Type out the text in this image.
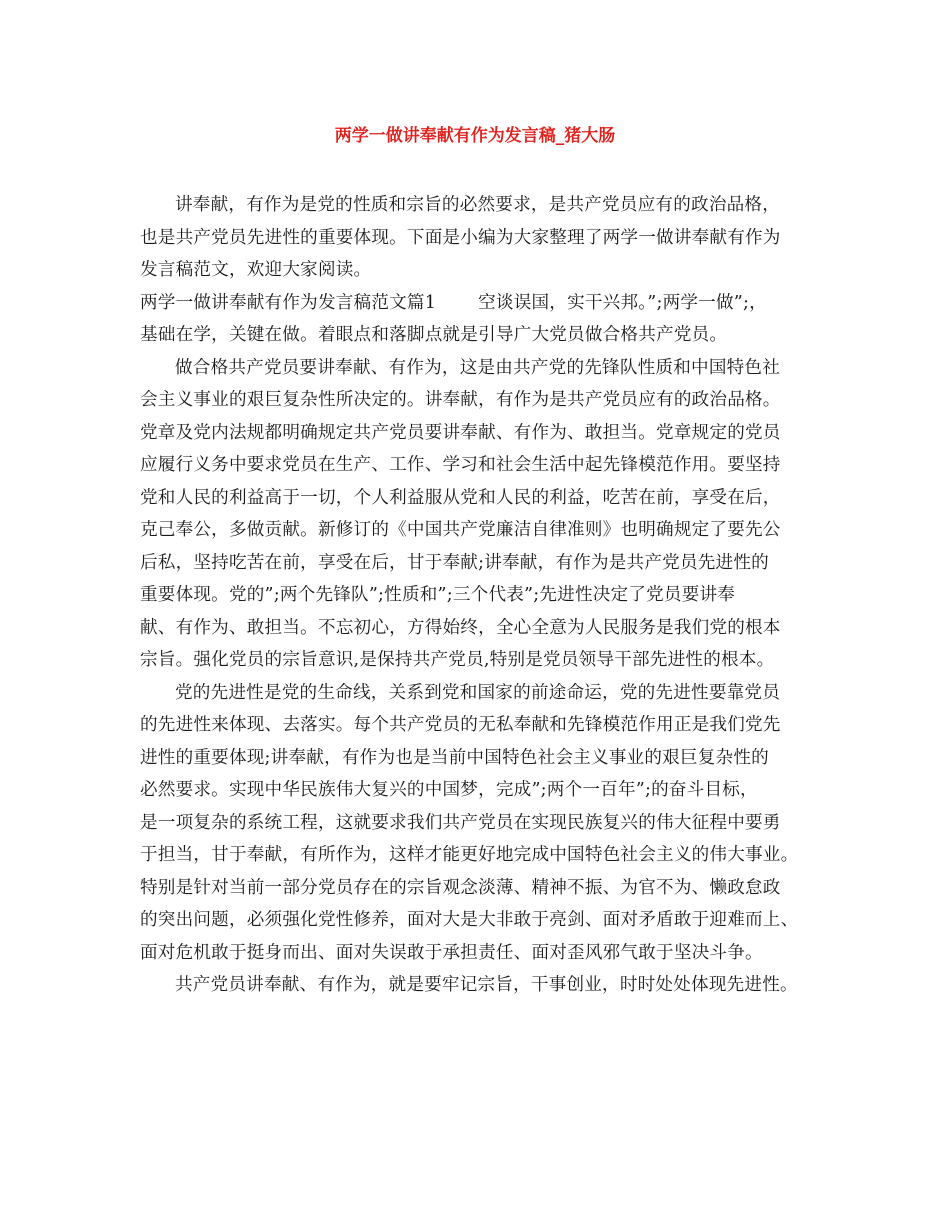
两学一做讲奉献有作为发言稿_猪大肠
讲奉献，有作为是党的性质和宗旨的必然要求，是共产党员应有的政治品格，
也是共产党员先进性的重要体现。下面是小编为大家整理了两学一做讲奉献有作为
发言稿范文，欢迎大家阅读。
两学一做讲奉献有作为发言稿范文篇1 空谈误国，实干兴邦。”;两学一做”;，
基础在学，关键在做。着眼点和落脚点就是引导广大党员做合格共产党员。
做合格共产党员要讲奉献、有作为，这是由共产党的先锋队性质和中国特色社
会主义事业的艰巨复杂性所决定的。讲奉献，有作为是共产党员应有的政治品格。
党章及党内法规都明确规定共产党员要讲奉献、有作为、敢担当。党章规定的党员
应履行义务中要求党员在生产、工作、学习和社会生活中起先锋模范作用。要坚持
党和人民的利益高于一切，个人利益服从党和人民的利益，吃苦在前，享受在后，
克己奉公，多做贡献。新修订的《中国共产党廉洁自律准则》也明确规定了要先公
后私，坚持吃苦在前，享受在后，甘于奉献;讲奉献，有作为是共产党员先进性的
重要体现。党的”;两个先锋队”;性质和”;三个代表”;先进性决定了党员要讲奉
献、有作为、敢担当。不忘初心，方得始终，全心全意为人民服务是我们党的根本
宗旨。强化党员的宗旨意识,是保持共产党员,特别是党员领导干部先进性的根本。
党的先进性是党的生命线，关系到党和国家的前途命运，党的先进性要靠党员
的先进性来体现、去落实。每个共产党员的无私奉献和先锋模范作用正是我们党先
进性的重要体现;讲奉献，有作为也是当前中国特色社会主义事业的艰巨复杂性的
必然要求。实现中华民族伟大复兴的中国梦，完成”;两个一百年”;的奋斗目标，
是一项复杂的系统工程，这就要求我们共产党员在实现民族复兴的伟大征程中要勇
于担当，甘于奉献，有所作为，这样才能更好地完成中国特色社会主义的伟大事业。
特别是针对当前一部分党员存在的宗旨观念淡薄、精神不振、为官不为、懒政怠政
的突出问题，必须强化党性修养，面对大是大非敢于亮剑、面对矛盾敢于迎难而上、
面对危机敢于挺身而出、面对失误敢于承担责任、面对歪风邪气敢于坚决斗争。
共产党员讲奉献、有作为，就是要牢记宗旨，干事创业，时时处处体现先进性。
